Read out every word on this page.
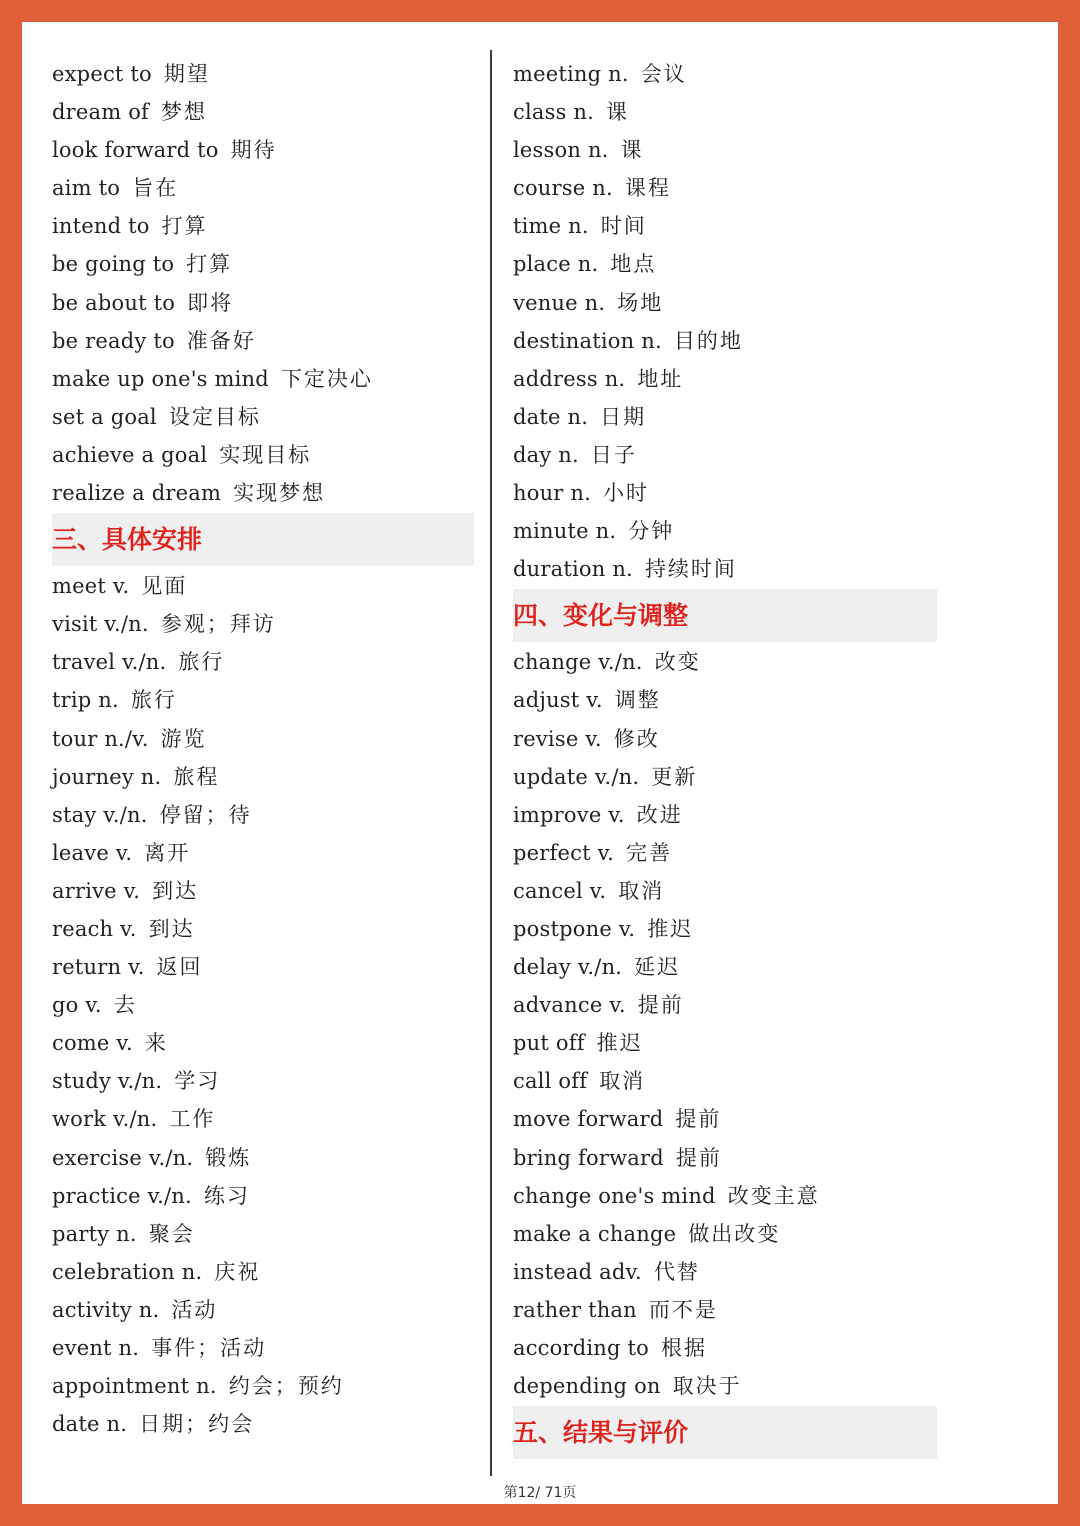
expect to 期望
dream of 梦想
look forward to 期待
aim to 旨在
intend to 打算
be going to 打算
be about to 即将
be ready to 准备好
make up one's mind 下定决心
set a goal 设定目标
achieve a goal 实现目标
realize a dream 实现梦想
三、具体安排
meet v. 见面
visit v./n. 参观；拜访
travel v./n. 旅行
trip n. 旅行
tour n./v. 游览
journey n. 旅程
stay v./n. 停留；待
leave v. 离开
arrive v. 到达
reach v. 到达
return v. 返回
go v. 去
come v. 来
study v./n. 学习
work v./n. 工作
exercise v./n. 锻炼
practice v./n. 练习
party n. 聚会
celebration n. 庆祝
activity n. 活动
event n. 事件；活动
appointment n. 约会；预约
date n. 日期；约会
meeting n. 会议
class n. 课
lesson n. 课
course n. 课程
time n. 时间
place n. 地点
venue n. 场地
destination n. 目的地
address n. 地址
date n. 日期
day n. 日子
hour n. 小时
minute n. 分钟
duration n. 持续时间
四、变化与调整
change v./n. 改变
adjust v. 调整
revise v. 修改
update v./n. 更新
improve v. 改进
perfect v. 完善
cancel v. 取消
postpone v. 推迟
delay v./n. 延迟
advance v. 提前
put off 推迟
call off 取消
move forward 提前
bring forward 提前
change one's mind 改变主意
make a change 做出改变
instead adv. 代替
rather than 而不是
according to 根据
depending on 取决于
五、结果与评价
第12/ 71页
